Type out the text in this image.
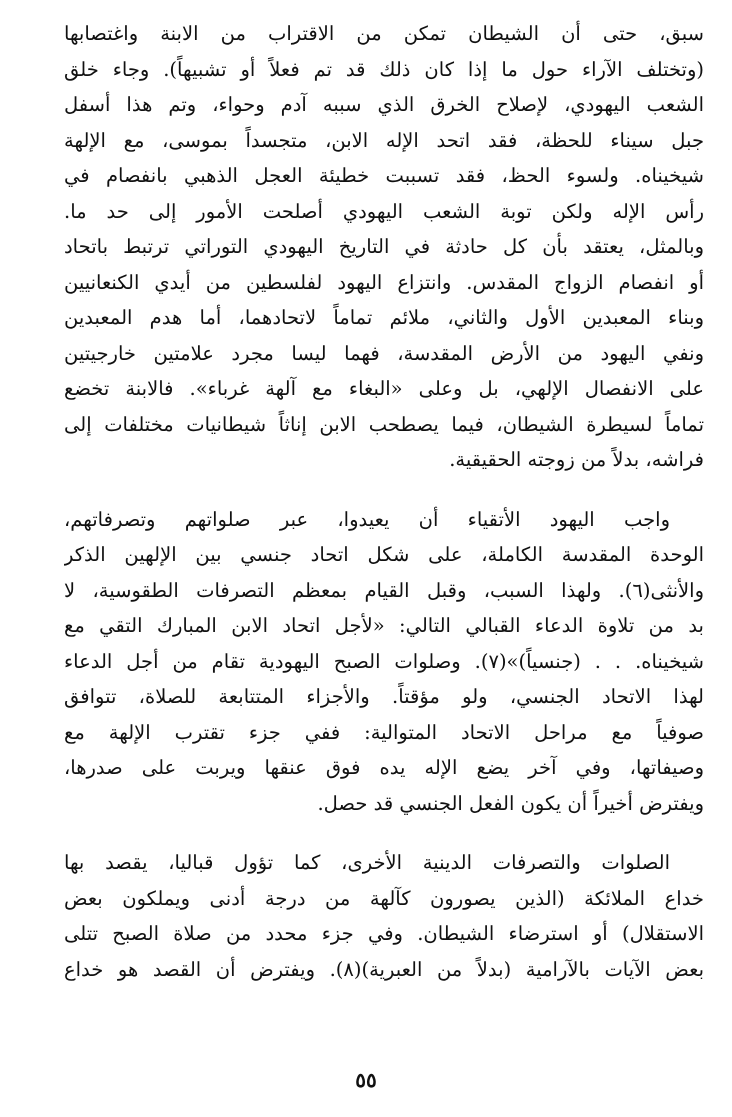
سبق، حتى أن الشيطان تمكن من الاقتراب من الابنة واغتصابها
(وتختلف الآراء حول ما إذا كان ذلك قد تم فعلاً أو تشبيهاً). وجاء خلق
الشعب اليهودي، لإصلاح الخرق الذي سببه آدم وحواء، وتم هذا أسفل
جبل سيناء للحظة، فقد اتحد الإله الابن، متجسداً بموسى، مع الإلهة
شيخيناه. ولسوء الحظ، فقد تسببت خطيئة العجل الذهبي بانفصام في
رأس الإله ولكن توبة الشعب اليهودي أصلحت الأمور إلى حد ما.
وبالمثل، يعتقد بأن كل حادثة في التاريخ اليهودي التوراتي ترتبط باتحاد
أو انفصام الزواج المقدس. وانتزاع اليهود لفلسطين من أيدي الكنعانيين
وبناء المعبدين الأول والثاني، ملائم تماماً لاتحادهما، أما هدم المعبدين
ونفي اليهود من الأرض المقدسة، فهما ليسا مجرد علامتين خارجيتين
على الانفصال الإلهي، بل وعلى «البغاء مع آلهة غرباء». فالابنة تخضع
تماماً لسيطرة الشيطان، فيما يصطحب الابن إناثاً شيطانيات مختلفات إلى
فراشه، بدلاً من زوجته الحقيقية.

واجب اليهود الأتقياء أن يعيدوا، عبر صلواتهم وتصرفاتهم،
الوحدة المقدسة الكاملة، على شكل اتحاد جنسي بين الإلهين الذكر
والأنثى(٦). ولهذا السبب، وقبل القيام بمعظم التصرفات الطقوسية، لا
بد من تلاوة الدعاء القبالي التالي: «لأجل اتحاد الابن المبارك التقي مع
شيخيناه. . . (جنسياً)»(٧). وصلوات الصبح اليهودية تقام من أجل الدعاء
لهذا الاتحاد الجنسي، ولو مؤقتاً. والأجزاء المتتابعة للصلاة، تتوافق
صوفياً مع مراحل الاتحاد المتوالية: ففي جزء تقترب الإلهة مع
وصيفاتها، وفي آخر يضع الإله يده فوق عنقها ويربت على صدرها،
ويفترض أخيراً أن يكون الفعل الجنسي قد حصل.

الصلوات والتصرفات الدينية الأخرى، كما تؤول قباليا، يقصد بها
خداع الملائكة (الذين يصورون كآلهة من درجة أدنى ويملكون بعض
الاستقلال) أو استرضاء الشيطان. وفي جزء محدد من صلاة الصبح تتلى
بعض الآيات بالآرامية (بدلاً من العبرية)(٨). ويفترض أن القصد هو خداع

٥٥
